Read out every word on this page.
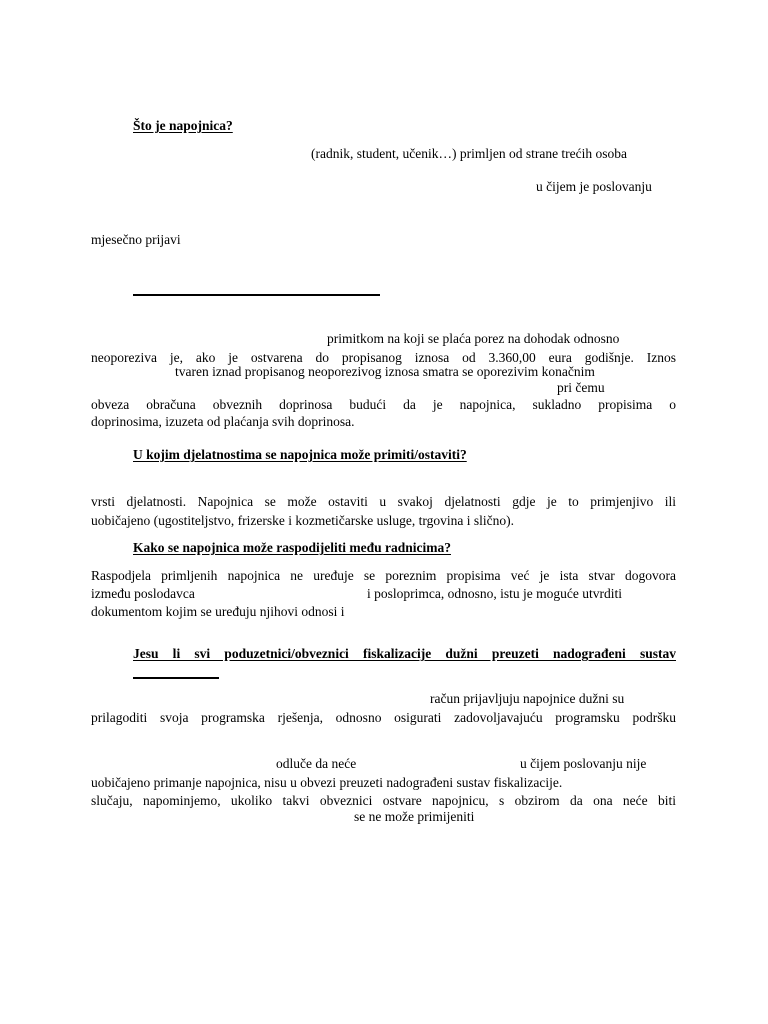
Što je napojnica?
(radnik, student, učenik…) primljen od strane trećih osoba
u čijem je poslovanju
mjesečno prijavi
primitkom na koji se plaća porez na dohodak odnosno
neoporeziva je, ako je ostvarena do propisanog iznosa od 3.360,00 eura godišnje. Iznos
tvaren iznad propisanog neoporezivog iznosa smatra se oporezivim konačnim
pri čemu
obveza obračuna obveznih doprinosa budući da je napojnica, sukladno propisima o
doprinosima, izuzeta od plaćanja svih doprinosa.
U kojim djelatnostima se napojnica može primiti/ostaviti?
vrsti djelatnosti. Napojnica se može ostaviti u svakoj djelatnosti gdje je to primjenjivo ili
uobičajeno (ugostiteljstvo, frizerske i kozmetičarske usluge, trgovina i slično).
Kako se napojnica može raspodijeliti među radnicima?
Raspodjela primljenih napojnica ne uređuje se poreznim propisima već je ista stvar dogovora
između poslodavca	i posloprimca, odnosno, istu je moguće utvrditi
dokumentom kojim se uređuju njihovi odnosi i
Jesu li svi poduzetnici/obveznici fiskalizacije dužni preuzeti nadograđeni sustav
račun prijavljuju napojnice dužni su
prilagoditi svoja programska rješenja, odnosno osigurati zadovoljavajuću programsku podršku
odluče da neće	u čijem poslovanju nije
uobičajeno primanje napojnica, nisu u obvezi preuzeti nadograđeni sustav fiskalizacije.
slučaju, napominjemo, ukoliko takvi obveznici ostvare napojnicu, s obzirom da ona neće biti
se ne može primijeniti
